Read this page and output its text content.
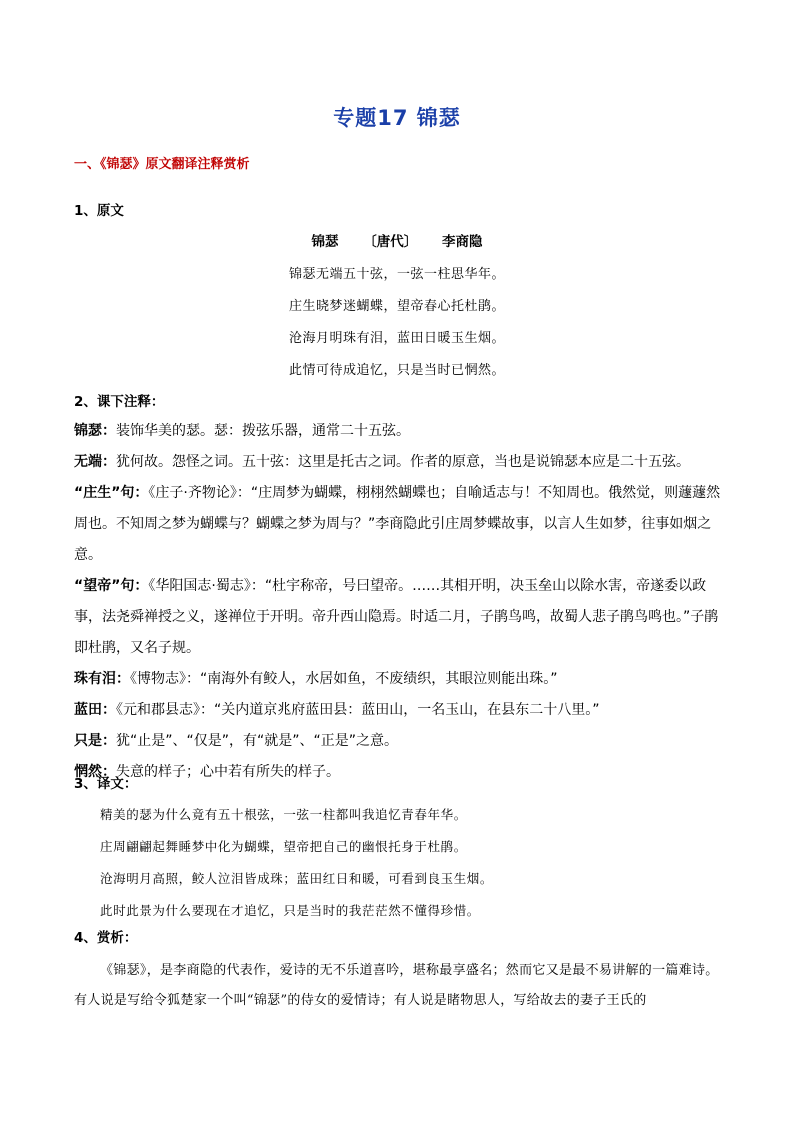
专题17 锦瑟
一、《锦瑟》原文翻译注释赏析
1、原文
锦瑟 〔唐代〕 李商隐
锦瑟无端五十弦，一弦一柱思华年。
庄生晓梦迷蝴蝶，望帝春心托杜鹃。
沧海月明珠有泪，蓝田日暖玉生烟。
此情可待成追忆，只是当时已惘然。
2、课下注释：
锦瑟：装饰华美的瑟。瑟：拨弦乐器，通常二十五弦。
无端：犹何故。怨怪之词。五十弦：这里是托古之词。作者的原意，当也是说锦瑟本应是二十五弦。
“庄生”句：《庄子·齐物论》：“庄周梦为蝴蝶，栩栩然蝴蝶也；自喻适志与！不知周也。俄然觉，则蘧蘧然周也。不知周之梦为蝴蝶与？蝴蝶之梦为周与？”李商隐此引庄周梦蝶故事，以言人生如梦，往事如烟之意。
“望帝”句：《华阳国志·蜀志》：“杜宇称帝，号曰望帝。……其相开明，决玉垒山以除水害，帝遂委以政事，法尧舜禅授之义，遂禅位于开明。帝升西山隐焉。时适二月，子鹃鸟鸣，故蜀人悲子鹃鸟鸣也。”子鹃即杜鹃，又名子规。
珠有泪：《博物志》：“南海外有鲛人，水居如鱼，不废绩织，其眼泣则能出珠。”
蓝田：《元和郡县志》：“关内道京兆府蓝田县：蓝田山，一名玉山，在县东二十八里。”
只是：犹“止是”、“仅是”，有“就是”、“正是”之意。
惘然：失意的样子；心中若有所失的样子。
3、译文：
精美的瑟为什么竟有五十根弦，一弦一柱都叫我追忆青春年华。
庄周翩翩起舞睡梦中化为蝴蝶，望帝把自己的幽恨托身于杜鹃。
沧海明月高照，鲛人泣泪皆成珠；蓝田红日和暖，可看到良玉生烟。
此时此景为什么要现在才追忆，只是当时的我茫茫然不懂得珍惜。
4、赏析：
《锦瑟》，是李商隐的代表作，爱诗的无不乐道喜吟，堪称最享盛名；然而它又是最不易讲解的一篇难诗。有人说是写给令狐楚家一个叫“锦瑟”的侍女的爱情诗；有人说是睹物思人，写给故去的妻子王氏的
